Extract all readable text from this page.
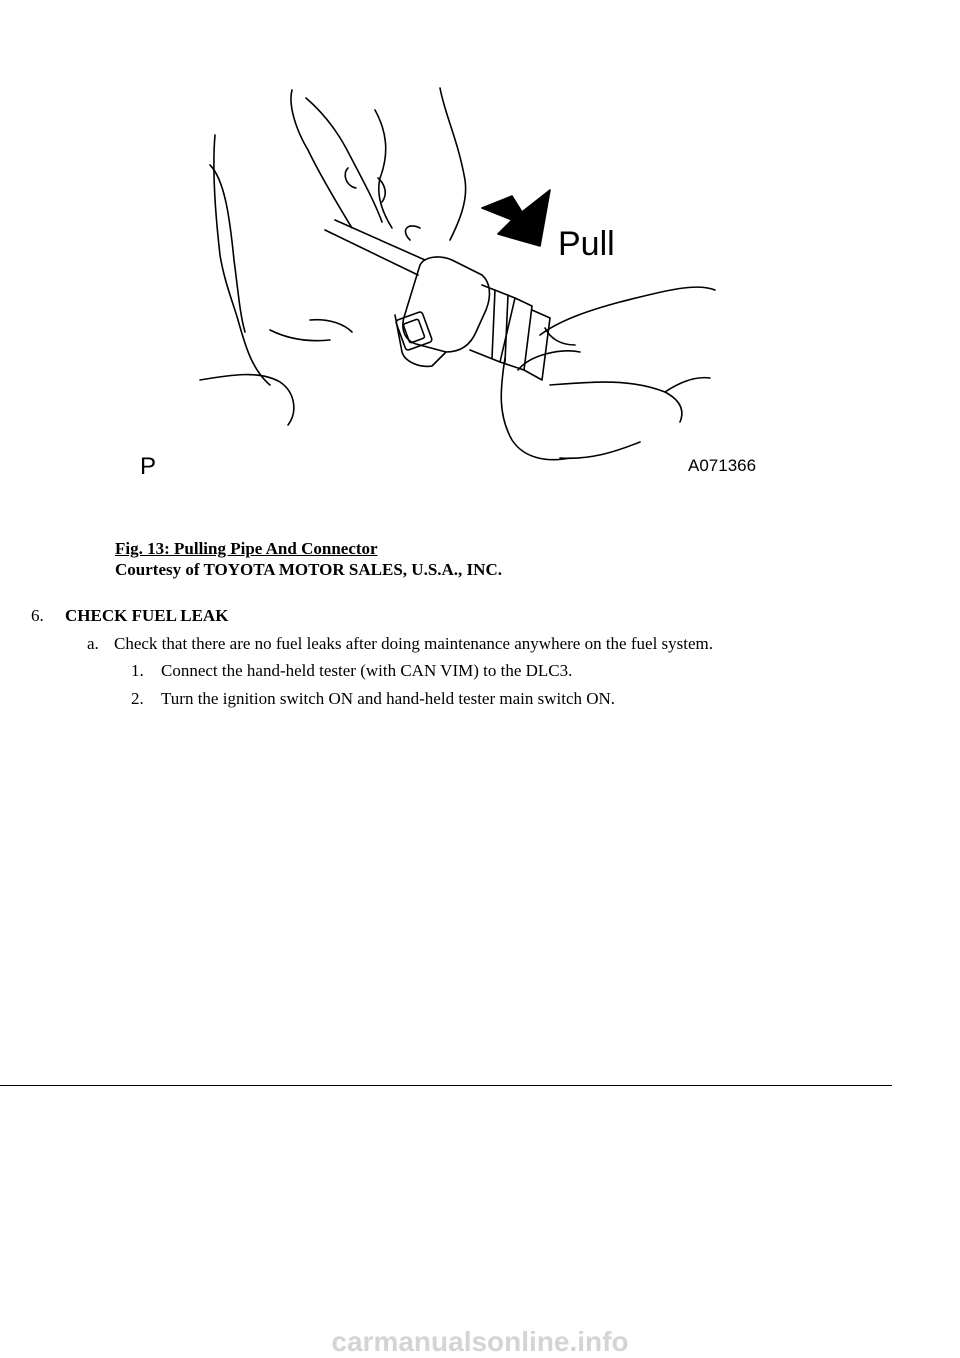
Pull
P	A071366
Fig. 13: Pulling Pipe And Connector
Courtesy of TOYOTA MOTOR SALES, U.S.A., INC.
6. CHECK FUEL LEAK
a. Check that there are no fuel leaks after doing maintenance anywhere on the fuel system.
1. Connect the hand-held tester (with CAN VIM) to the DLC3.
2. Turn the ignition switch ON and hand-held tester main switch ON.
carmanualsonline.info
